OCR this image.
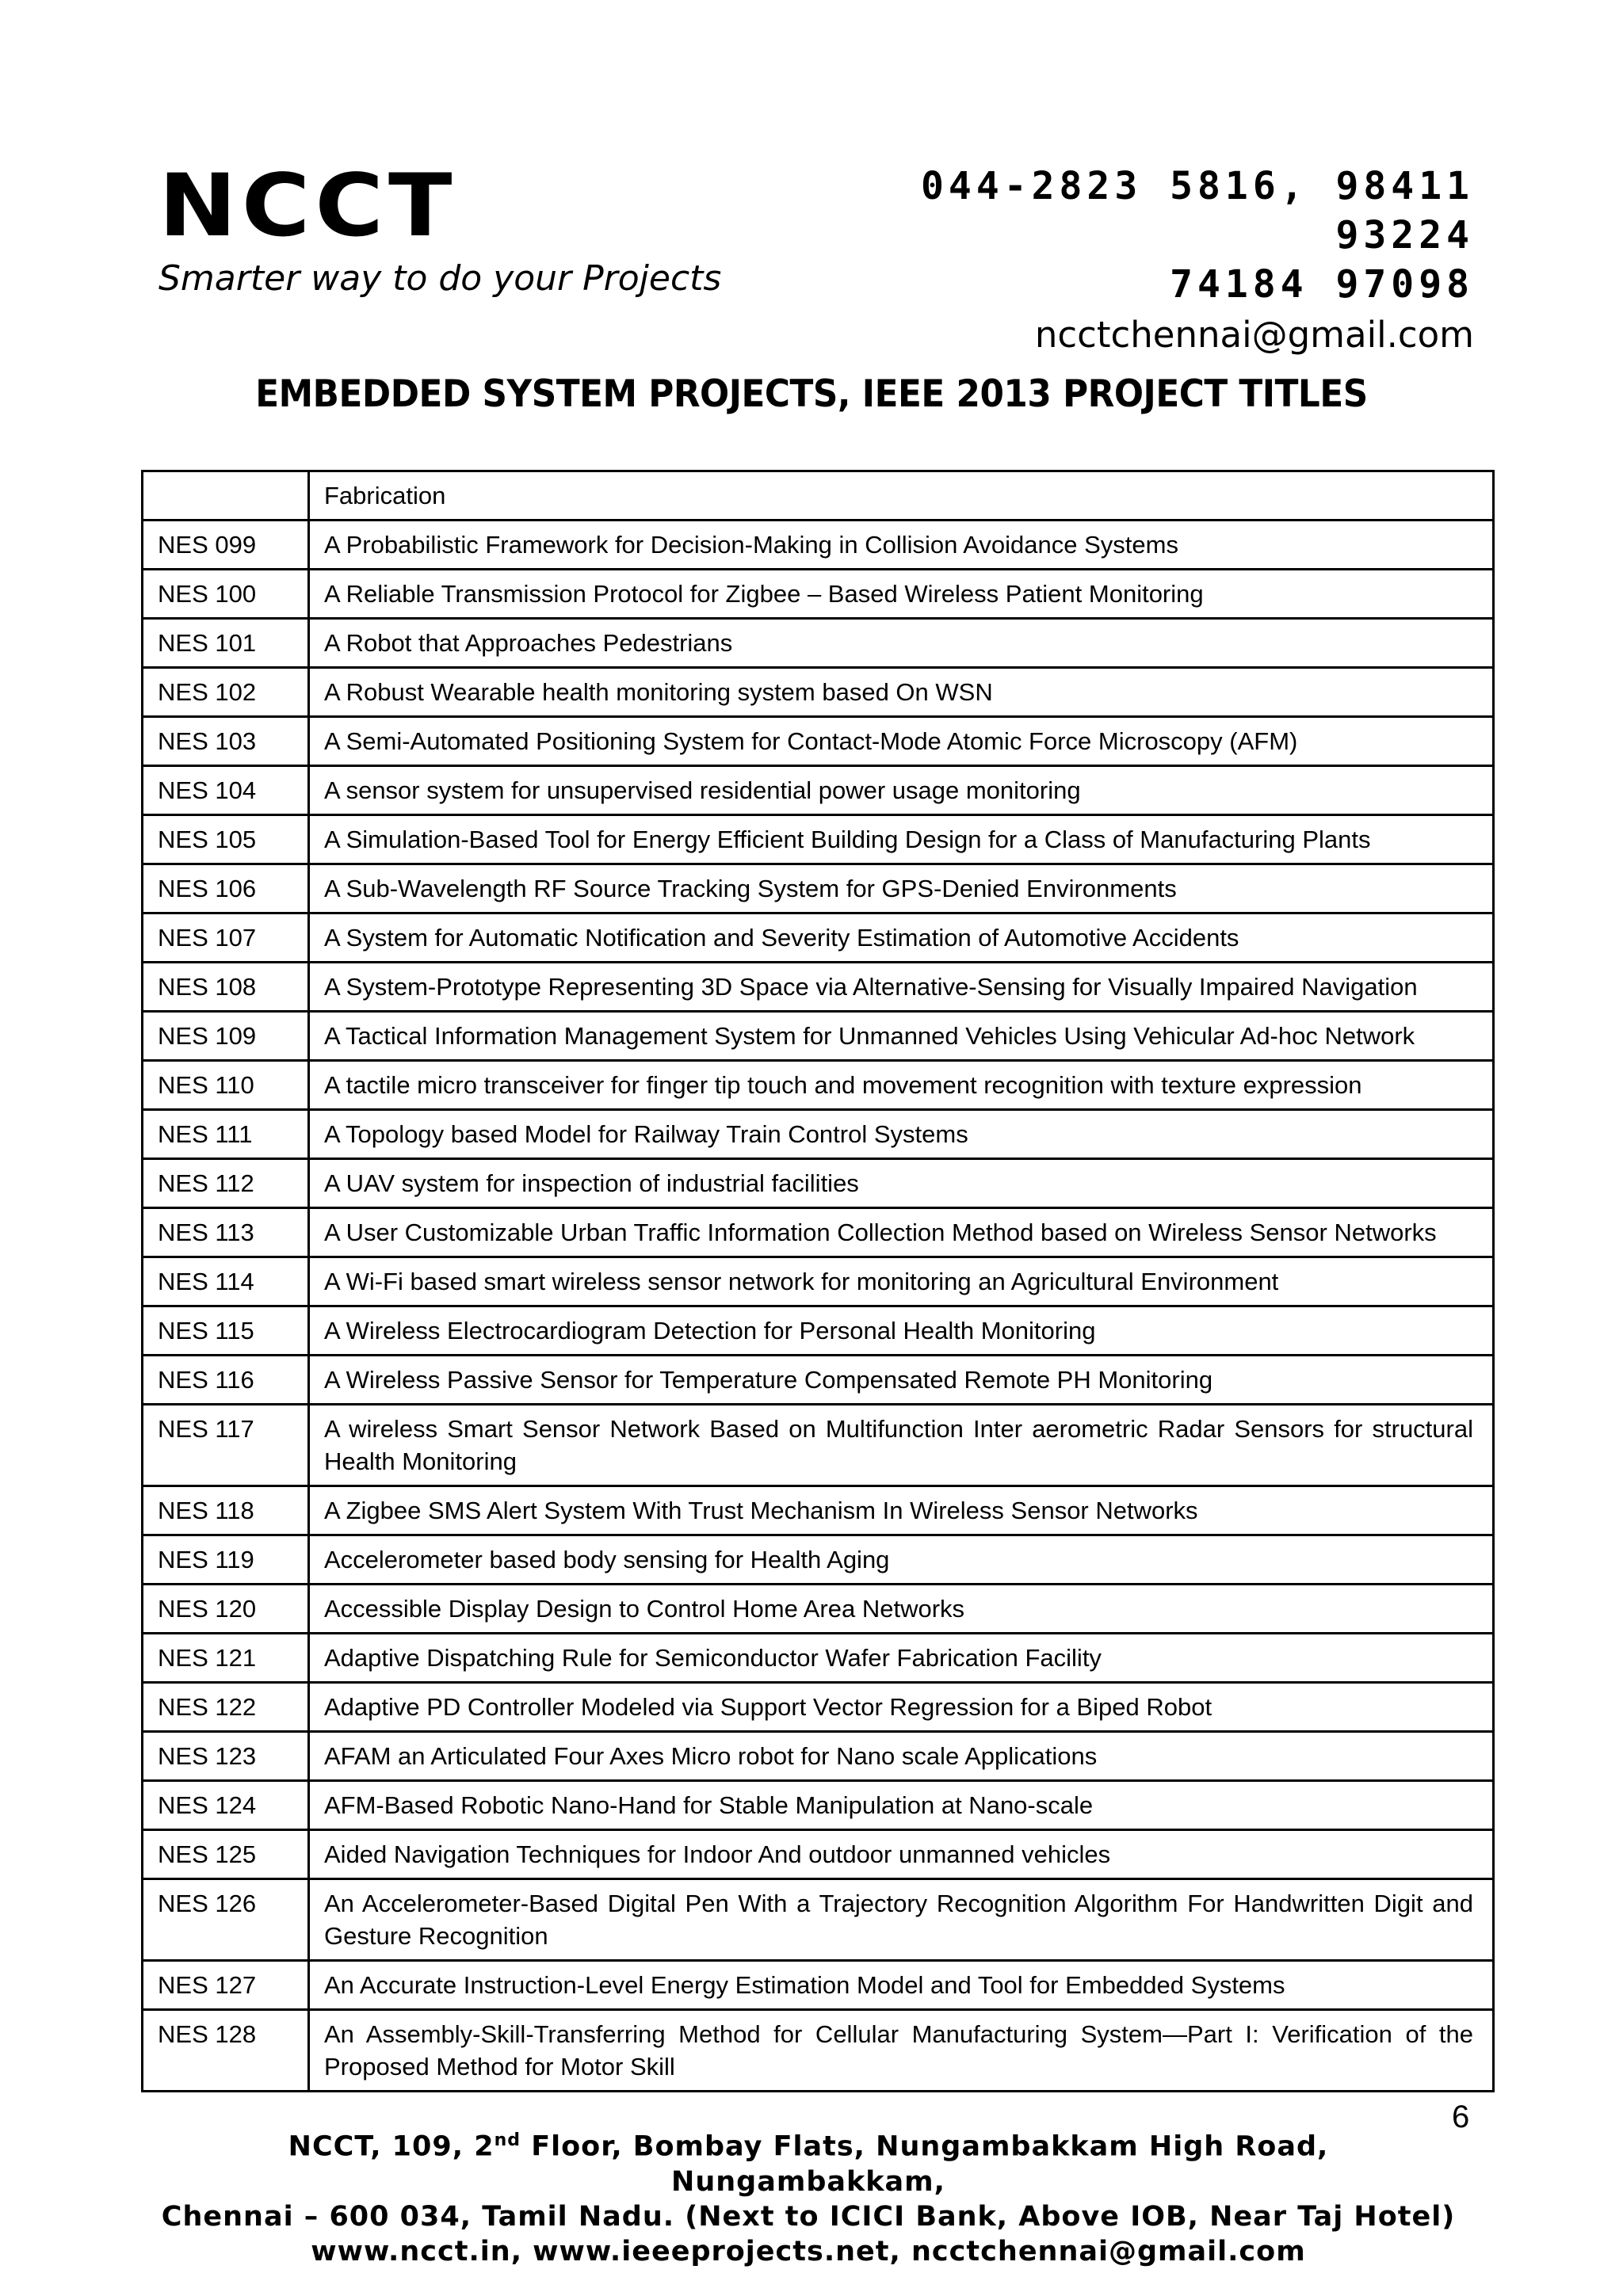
NCCT
Smarter way to do your Projects
044-2823 5816, 98411
93224
74184 97098
ncctchennai@gmail.com
EMBEDDED SYSTEM PROJECTS, IEEE 2013 PROJECT TITLES
	Fabrication
NES 099	A Probabilistic Framework for Decision-Making in Collision Avoidance Systems
NES 100	A Reliable Transmission Protocol for Zigbee – Based Wireless Patient Monitoring
NES 101	A Robot that Approaches Pedestrians
NES 102	A Robust Wearable health monitoring system based On WSN
NES 103	A Semi-Automated Positioning System for Contact-Mode Atomic Force Microscopy (AFM)
NES 104	A sensor system for unsupervised residential power usage monitoring
NES 105	A Simulation-Based Tool for Energy Efficient Building Design for a Class of Manufacturing Plants
NES 106	A Sub-Wavelength RF Source Tracking System for GPS-Denied Environments
NES 107	A System for Automatic Notification and Severity Estimation of Automotive Accidents
NES 108	A System-Prototype Representing 3D Space via Alternative-Sensing for Visually Impaired Navigation
NES 109	A Tactical Information Management System for Unmanned Vehicles Using Vehicular Ad-hoc Network
NES 110	A tactile micro transceiver for finger tip touch and movement recognition with texture expression
NES 111	A Topology based Model for Railway Train Control Systems
NES 112	A UAV system for inspection of industrial facilities
NES 113	A User Customizable Urban Traffic Information Collection Method based on Wireless Sensor Networks
NES 114	A Wi-Fi based smart wireless sensor network for monitoring an Agricultural Environment
NES 115	A Wireless Electrocardiogram Detection for Personal Health Monitoring
NES 116	A Wireless Passive Sensor for Temperature Compensated Remote PH Monitoring
NES 117	A wireless Smart Sensor Network Based on Multifunction Inter aerometric Radar Sensors for structural Health Monitoring
NES 118	A Zigbee SMS Alert System With Trust Mechanism In Wireless Sensor Networks
NES 119	Accelerometer based body sensing for Health Aging
NES 120	Accessible Display Design to Control Home Area Networks
NES 121	Adaptive Dispatching Rule for Semiconductor Wafer Fabrication Facility
NES 122	Adaptive PD Controller Modeled via Support Vector Regression for a Biped Robot
NES 123	AFAM an Articulated Four Axes Micro robot for Nano scale Applications
NES 124	AFM-Based Robotic Nano-Hand for Stable Manipulation at Nano-scale
NES 125	Aided Navigation Techniques for Indoor And outdoor unmanned vehicles
NES 126	An Accelerometer-Based Digital Pen With a Trajectory Recognition Algorithm For Handwritten Digit and Gesture Recognition
NES 127	An Accurate Instruction-Level Energy Estimation Model and Tool for Embedded Systems
NES 128	An Assembly-Skill-Transferring Method for Cellular Manufacturing System—Part I: Verification of the Proposed Method for Motor Skill
NCCT, 109, 2nd Floor, Bombay Flats, Nungambakkam High Road, Nungambakkam,
Chennai – 600 034, Tamil Nadu. (Next to ICICI Bank, Above IOB, Near Taj Hotel)
www.ncct.in, www.ieeeprojects.net, ncctchennai@gmail.com
6
